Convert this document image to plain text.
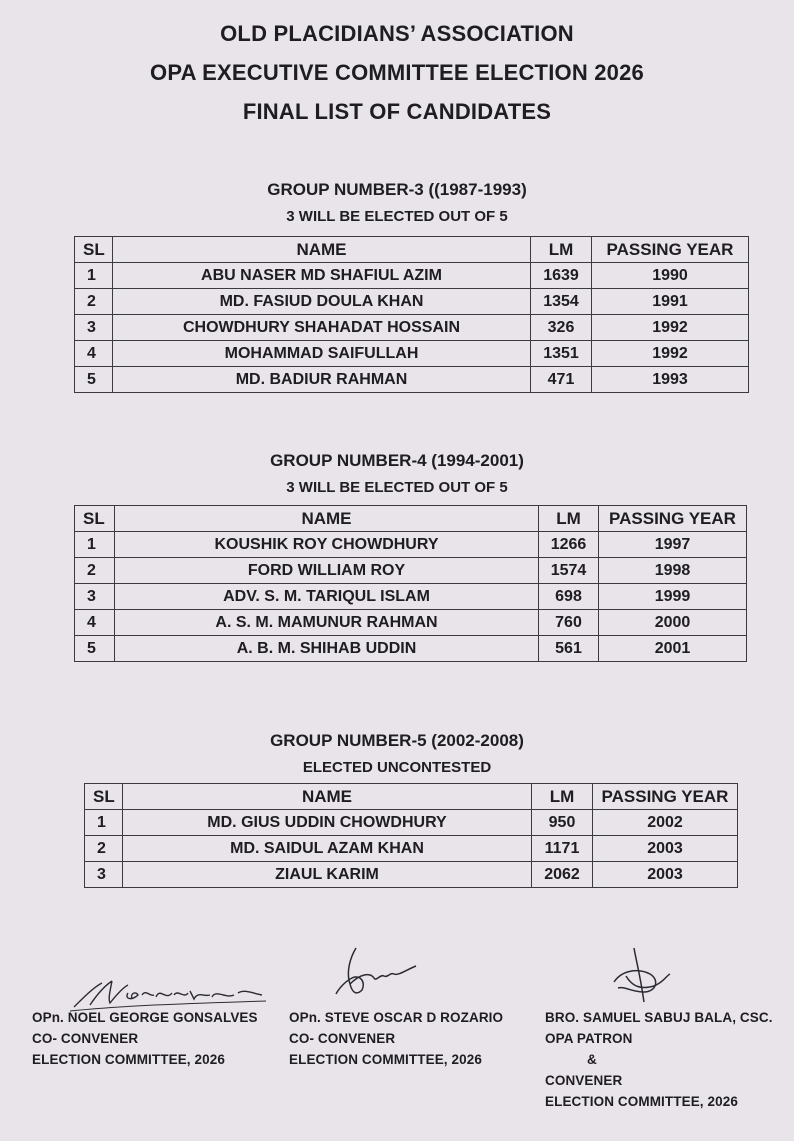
OLD PLACIDIANS’ ASSOCIATION
OPA EXECUTIVE COMMITTEE ELECTION 2026
FINAL LIST OF CANDIDATES
GROUP NUMBER-3 ((1987-1993)
3 WILL BE ELECTED OUT OF 5
SL	NAME	LM	PASSING YEAR
1	ABU NASER MD SHAFIUL AZIM	1639	1990
2	MD. FASIUD DOULA KHAN	1354	1991
3	CHOWDHURY SHAHADAT HOSSAIN	326	1992
4	MOHAMMAD SAIFULLAH	1351	1992
5	MD. BADIUR RAHMAN	471	1993
GROUP NUMBER-4 (1994-2001)
3 WILL BE ELECTED OUT OF 5
SL	NAME	LM	PASSING YEAR
1	KOUSHIK ROY CHOWDHURY	1266	1997
2	FORD WILLIAM ROY	1574	1998
3	ADV. S. M. TARIQUL ISLAM	698	1999
4	A. S. M. MAMUNUR RAHMAN	760	2000
5	A. B. M. SHIHAB UDDIN	561	2001
GROUP NUMBER-5 (2002-2008)
ELECTED UNCONTESTED
SL	NAME	LM	PASSING YEAR
1	MD. GIUS UDDIN CHOWDHURY	950	2002
2	MD. SAIDUL AZAM KHAN	1171	2003
3	ZIAUL KARIM	2062	2003
OPn. NOEL GEORGE GONSALVES
CO- CONVENER
ELECTION COMMITTEE, 2026
OPn. STEVE OSCAR D ROZARIO
CO- CONVENER
ELECTION COMMITTEE, 2026
BRO. SAMUEL SABUJ BALA, CSC.
OPA PATRON
&
CONVENER
ELECTION COMMITTEE, 2026
